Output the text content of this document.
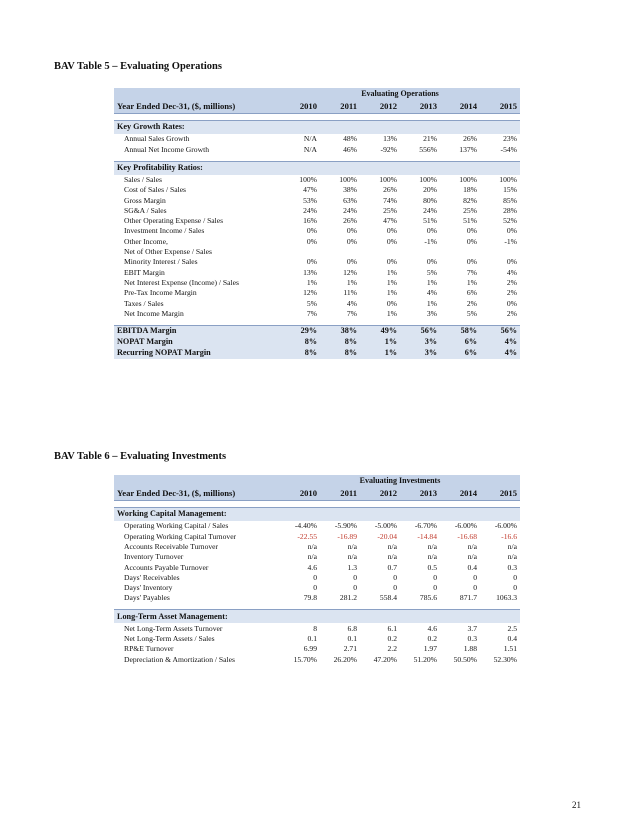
BAV Table 5 – Evaluating Operations
	Evaluating Operations					
Year Ended Dec-31, ($, millions)	2010	2011	2012	2013	2014	2015

Key Growth Rates:						
Annual Sales Growth	N/A	48%	13%	21%	26%	23%
Annual Net Income Growth	N/A	46%	-92%	556%	137%	-54%

Key Profitability Ratios:						
Sales / Sales	100%	100%	100%	100%	100%	100%
Cost of Sales / Sales	47%	38%	26%	20%	18%	15%
Gross Margin	53%	63%	74%	80%	82%	85%
SG&A / Sales	24%	24%	25%	24%	25%	28%
Other Operating Expense / Sales	16%	26%	47%	51%	51%	52%
Investment Income / Sales	0%	0%	0%	0%	0%	0%
Other Income,	0%	0%	0%	-1%	0%	-1%
Net of Other Expense / Sales						
Minority Interest / Sales	0%	0%	0%	0%	0%	0%
EBIT Margin	13%	12%	1%	5%	7%	4%
Net Interest Expense (Income) / Sales	1%	1%	1%	1%	1%	2%
Pre-Tax Income Margin	12%	11%	1%	4%	6%	2%
Taxes / Sales	5%	4%	0%	1%	2%	0%
Net Income Margin	7%	7%	1%	3%	5%	2%

EBITDA Margin	29%	38%	49%	56%	58%	56%
NOPAT Margin	8%	8%	1%	3%	6%	4%
Recurring NOPAT Margin	8%	8%	1%	3%	6%	4%
BAV Table 6 – Evaluating Investments
	Evaluating Investments					
Year Ended Dec-31, ($, millions)	2010	2011	2012	2013	2014	2015

Working Capital Management:						
Operating Working Capital / Sales	-4.40%	-5.90%	-5.00%	-6.70%	-6.00%	-6.00%
Operating Working Capital Turnover	-22.55	-16.89	-20.04	-14.84	-16.68	-16.6
Accounts Receivable Turnover	n/a	n/a	n/a	n/a	n/a	n/a
Inventory Turnover	n/a	n/a	n/a	n/a	n/a	n/a
Accounts Payable Turnover	4.6	1.3	0.7	0.5	0.4	0.3
Days' Receivables	0	0	0	0	0	0
Days' Inventory	0	0	0	0	0	0
Days' Payables	79.8	281.2	558.4	785.6	871.7	1063.3

Long-Term Asset Management:						
Net Long-Term Assets Turnover	8	6.8	6.1	4.6	3.7	2.5
Net Long-Term Assets / Sales	0.1	0.1	0.2	0.2	0.3	0.4
RP&E Turnover	6.99	2.71	2.2	1.97	1.88	1.51
Depreciation & Amortization / Sales	15.70%	26.20%	47.20%	51.20%	50.50%	52.30%
21
